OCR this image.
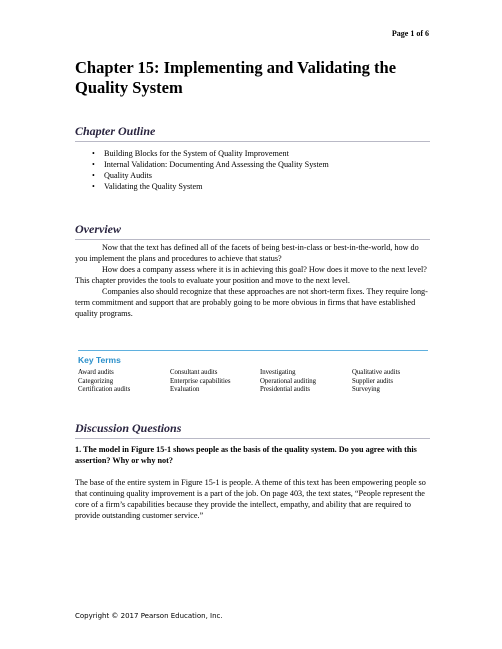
Page 1 of 6
Chapter 15: Implementing and Validating the Quality System
Chapter Outline
• Building Blocks for the System of Quality Improvement
• Internal Validation: Documenting And Assessing the Quality System
• Quality Audits
• Validating the Quality System
Overview

Now that the text has defined all of the facets of being best-in-class or best-in-the-world, how do you implement the plans and procedures to achieve that status?

How does a company assess where it is in achieving this goal? How does it move to the next level? This chapter provides the tools to evaluate your position and move to the next level.

Companies also should recognize that these approaches are not short-term fixes. They require long-term commitment and support that are probably going to be more obvious in firms that have established quality programs.

Key Terms
Award audits
Categorizing
Certification audits
Consultant audits
Enterprise capabilities
Evaluation
Investigating
Operational auditing
Presidential audits
Qualitative audits
Supplier audits
Surveying
Discussion Questions

1. The model in Figure 15-1 shows people as the basis of the quality system. Do you agree with this assertion? Why or why not?

The base of the entire system in Figure 15-1 is people. A theme of this text has been empowering people so that continuing quality improvement is a part of the job. On page 403, the text states, “People represent the core of a firm’s capabilities because they provide the intellect, empathy, and ability that are required to provide outstanding customer service.”

Copyright © 2017 Pearson Education, Inc.
